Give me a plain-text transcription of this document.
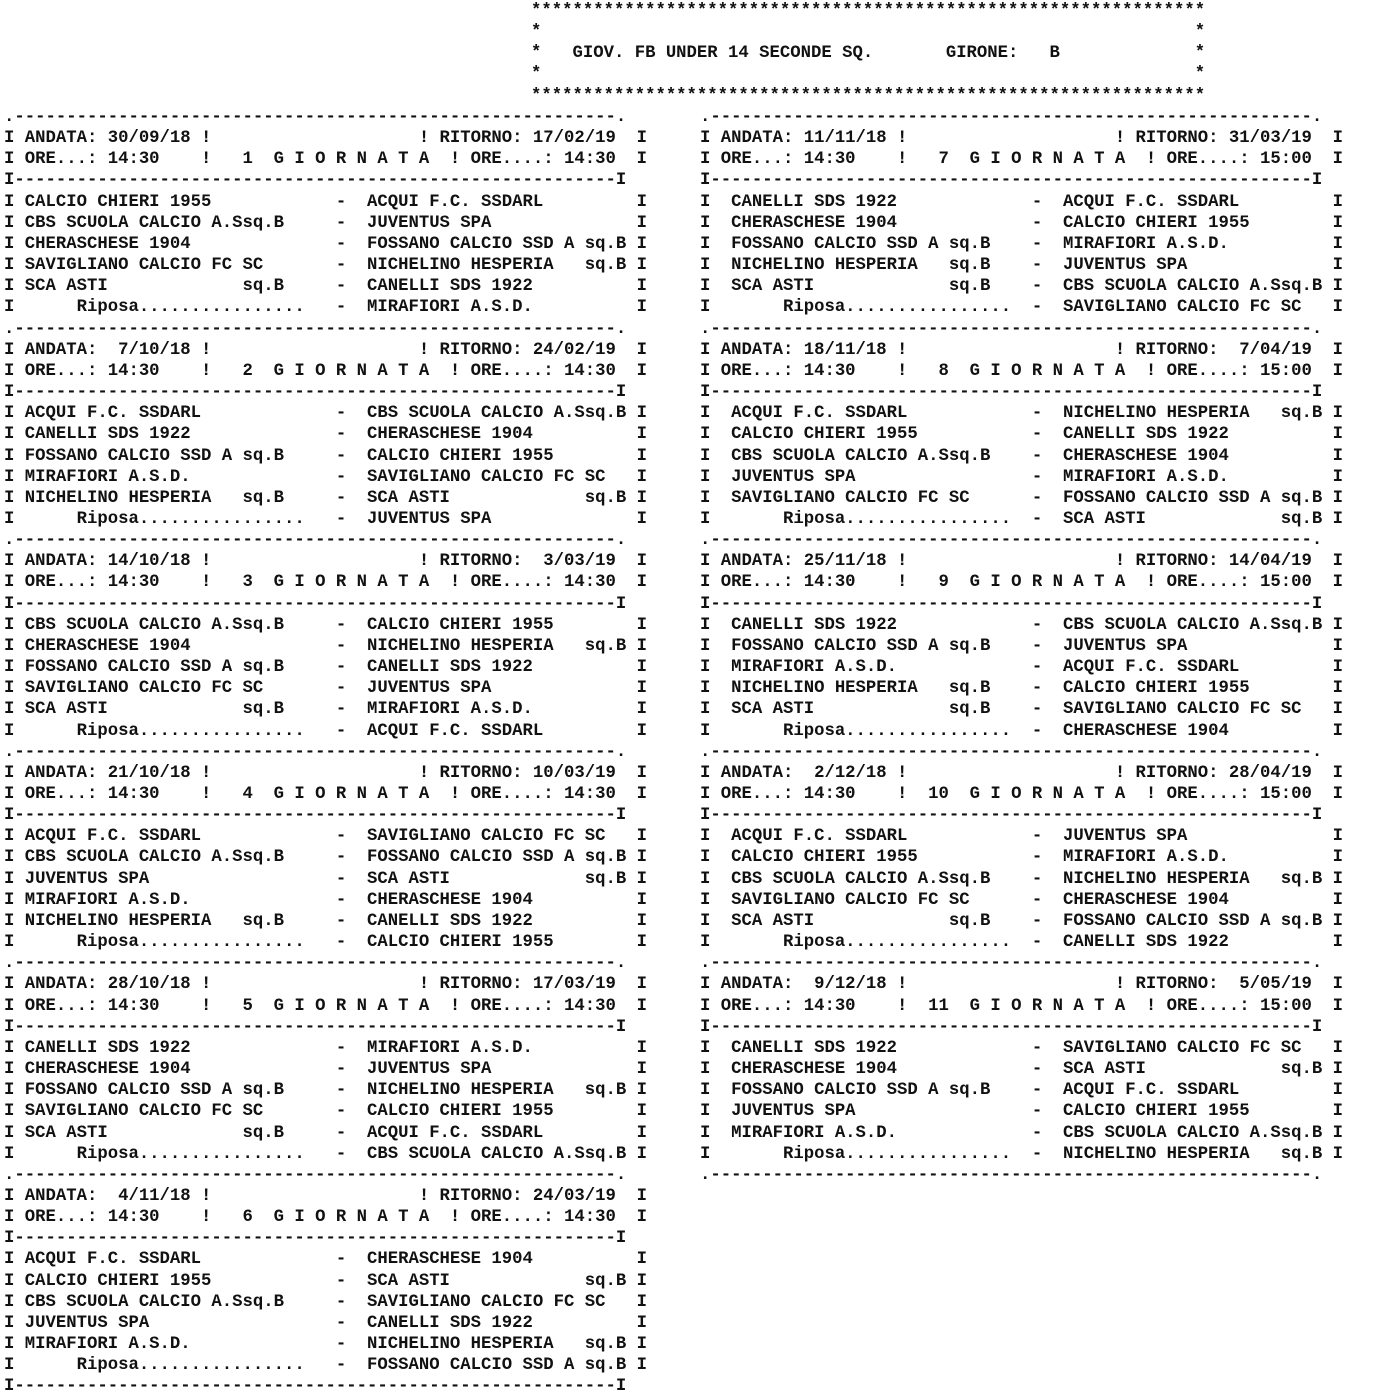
*****************************************************************
*                                                               *
*   GIOV. FB UNDER 14 SECONDE SQ.       GIRONE:   B             *
*                                                               *
*****************************************************************
.----------------------------------------------------------.
I ANDATA: 30/09/18 !                    ! RITORNO: 17/02/19  I
I ORE...: 14:30    !   1  G I O R N A T A  ! ORE....: 14:30  I
I----------------------------------------------------------I
I CALCIO CHIERI 1955            -  ACQUI F.C. SSDARL         I
I CBS SCUOLA CALCIO A.Ssq.B     -  JUVENTUS SPA              I
I CHERASCHESE 1904              -  FOSSANO CALCIO SSD A sq.B I
I SAVIGLIANO CALCIO FC SC       -  NICHELINO HESPERIA   sq.B I
I SCA ASTI             sq.B     -  CANELLI SDS 1922          I
I      Riposa................   -  MIRAFIORI A.S.D.          I
.----------------------------------------------------------.
I ANDATA:  7/10/18 !                    ! RITORNO: 24/02/19  I
I ORE...: 14:30    !   2  G I O R N A T A  ! ORE....: 14:30  I
I----------------------------------------------------------I
I ACQUI F.C. SSDARL             -  CBS SCUOLA CALCIO A.Ssq.B I
I CANELLI SDS 1922              -  CHERASCHESE 1904          I
I FOSSANO CALCIO SSD A sq.B     -  CALCIO CHIERI 1955        I
I MIRAFIORI A.S.D.              -  SAVIGLIANO CALCIO FC SC   I
I NICHELINO HESPERIA   sq.B     -  SCA ASTI             sq.B I
I      Riposa................   -  JUVENTUS SPA              I
.----------------------------------------------------------.
I ANDATA: 14/10/18 !                    ! RITORNO:  3/03/19  I
I ORE...: 14:30    !   3  G I O R N A T A  ! ORE....: 14:30  I
I----------------------------------------------------------I
I CBS SCUOLA CALCIO A.Ssq.B     -  CALCIO CHIERI 1955        I
I CHERASCHESE 1904              -  NICHELINO HESPERIA   sq.B I
I FOSSANO CALCIO SSD A sq.B     -  CANELLI SDS 1922          I
I SAVIGLIANO CALCIO FC SC       -  JUVENTUS SPA              I
I SCA ASTI             sq.B     -  MIRAFIORI A.S.D.          I
I      Riposa................   -  ACQUI F.C. SSDARL         I
.----------------------------------------------------------.
I ANDATA: 21/10/18 !                    ! RITORNO: 10/03/19  I
I ORE...: 14:30    !   4  G I O R N A T A  ! ORE....: 14:30  I
I----------------------------------------------------------I
I ACQUI F.C. SSDARL             -  SAVIGLIANO CALCIO FC SC   I
I CBS SCUOLA CALCIO A.Ssq.B     -  FOSSANO CALCIO SSD A sq.B I
I JUVENTUS SPA                  -  SCA ASTI             sq.B I
I MIRAFIORI A.S.D.              -  CHERASCHESE 1904          I
I NICHELINO HESPERIA   sq.B     -  CANELLI SDS 1922          I
I      Riposa................   -  CALCIO CHIERI 1955        I
.----------------------------------------------------------.
I ANDATA: 28/10/18 !                    ! RITORNO: 17/03/19  I
I ORE...: 14:30    !   5  G I O R N A T A  ! ORE....: 14:30  I
I----------------------------------------------------------I
I CANELLI SDS 1922              -  MIRAFIORI A.S.D.          I
I CHERASCHESE 1904              -  JUVENTUS SPA              I
I FOSSANO CALCIO SSD A sq.B     -  NICHELINO HESPERIA   sq.B I
I SAVIGLIANO CALCIO FC SC       -  CALCIO CHIERI 1955        I
I SCA ASTI             sq.B     -  ACQUI F.C. SSDARL         I
I      Riposa................   -  CBS SCUOLA CALCIO A.Ssq.B I
.----------------------------------------------------------.
I ANDATA:  4/11/18 !                    ! RITORNO: 24/03/19  I
I ORE...: 14:30    !   6  G I O R N A T A  ! ORE....: 14:30  I
I----------------------------------------------------------I
I ACQUI F.C. SSDARL             -  CHERASCHESE 1904          I
I CALCIO CHIERI 1955            -  SCA ASTI             sq.B I
I CBS SCUOLA CALCIO A.Ssq.B     -  SAVIGLIANO CALCIO FC SC   I
I JUVENTUS SPA                  -  CANELLI SDS 1922          I
I MIRAFIORI A.S.D.              -  NICHELINO HESPERIA   sq.B I
I      Riposa................   -  FOSSANO CALCIO SSD A sq.B I
I----------------------------------------------------------I
.----------------------------------------------------------.
I ANDATA: 11/11/18 !                    ! RITORNO: 31/03/19  I
I ORE...: 14:30    !   7  G I O R N A T A  ! ORE....: 15:00  I
I----------------------------------------------------------I
I  CANELLI SDS 1922             -  ACQUI F.C. SSDARL         I
I  CHERASCHESE 1904             -  CALCIO CHIERI 1955        I
I  FOSSANO CALCIO SSD A sq.B    -  MIRAFIORI A.S.D.          I
I  NICHELINO HESPERIA   sq.B    -  JUVENTUS SPA              I
I  SCA ASTI             sq.B    -  CBS SCUOLA CALCIO A.Ssq.B I
I       Riposa................  -  SAVIGLIANO CALCIO FC SC   I
.----------------------------------------------------------.
I ANDATA: 18/11/18 !                    ! RITORNO:  7/04/19  I
I ORE...: 14:30    !   8  G I O R N A T A  ! ORE....: 15:00  I
I----------------------------------------------------------I
I  ACQUI F.C. SSDARL            -  NICHELINO HESPERIA   sq.B I
I  CALCIO CHIERI 1955           -  CANELLI SDS 1922          I
I  CBS SCUOLA CALCIO A.Ssq.B    -  CHERASCHESE 1904          I
I  JUVENTUS SPA                 -  MIRAFIORI A.S.D.          I
I  SAVIGLIANO CALCIO FC SC      -  FOSSANO CALCIO SSD A sq.B I
I       Riposa................  -  SCA ASTI             sq.B I
.----------------------------------------------------------.
I ANDATA: 25/11/18 !                    ! RITORNO: 14/04/19  I
I ORE...: 14:30    !   9  G I O R N A T A  ! ORE....: 15:00  I
I----------------------------------------------------------I
I  CANELLI SDS 1922             -  CBS SCUOLA CALCIO A.Ssq.B I
I  FOSSANO CALCIO SSD A sq.B    -  JUVENTUS SPA              I
I  MIRAFIORI A.S.D.             -  ACQUI F.C. SSDARL         I
I  NICHELINO HESPERIA   sq.B    -  CALCIO CHIERI 1955        I
I  SCA ASTI             sq.B    -  SAVIGLIANO CALCIO FC SC   I
I       Riposa................  -  CHERASCHESE 1904          I
.----------------------------------------------------------.
I ANDATA:  2/12/18 !                    ! RITORNO: 28/04/19  I
I ORE...: 14:30    !  10  G I O R N A T A  ! ORE....: 15:00  I
I----------------------------------------------------------I
I  ACQUI F.C. SSDARL            -  JUVENTUS SPA              I
I  CALCIO CHIERI 1955           -  MIRAFIORI A.S.D.          I
I  CBS SCUOLA CALCIO A.Ssq.B    -  NICHELINO HESPERIA   sq.B I
I  SAVIGLIANO CALCIO FC SC      -  CHERASCHESE 1904          I
I  SCA ASTI             sq.B    -  FOSSANO CALCIO SSD A sq.B I
I       Riposa................  -  CANELLI SDS 1922          I
.----------------------------------------------------------.
I ANDATA:  9/12/18 !                    ! RITORNO:  5/05/19  I
I ORE...: 14:30    !  11  G I O R N A T A  ! ORE....: 15:00  I
I----------------------------------------------------------I
I  CANELLI SDS 1922             -  SAVIGLIANO CALCIO FC SC   I
I  CHERASCHESE 1904             -  SCA ASTI             sq.B I
I  FOSSANO CALCIO SSD A sq.B    -  ACQUI F.C. SSDARL         I
I  JUVENTUS SPA                 -  CALCIO CHIERI 1955        I
I  MIRAFIORI A.S.D.             -  CBS SCUOLA CALCIO A.Ssq.B I
I       Riposa................  -  NICHELINO HESPERIA   sq.B I
.----------------------------------------------------------.
